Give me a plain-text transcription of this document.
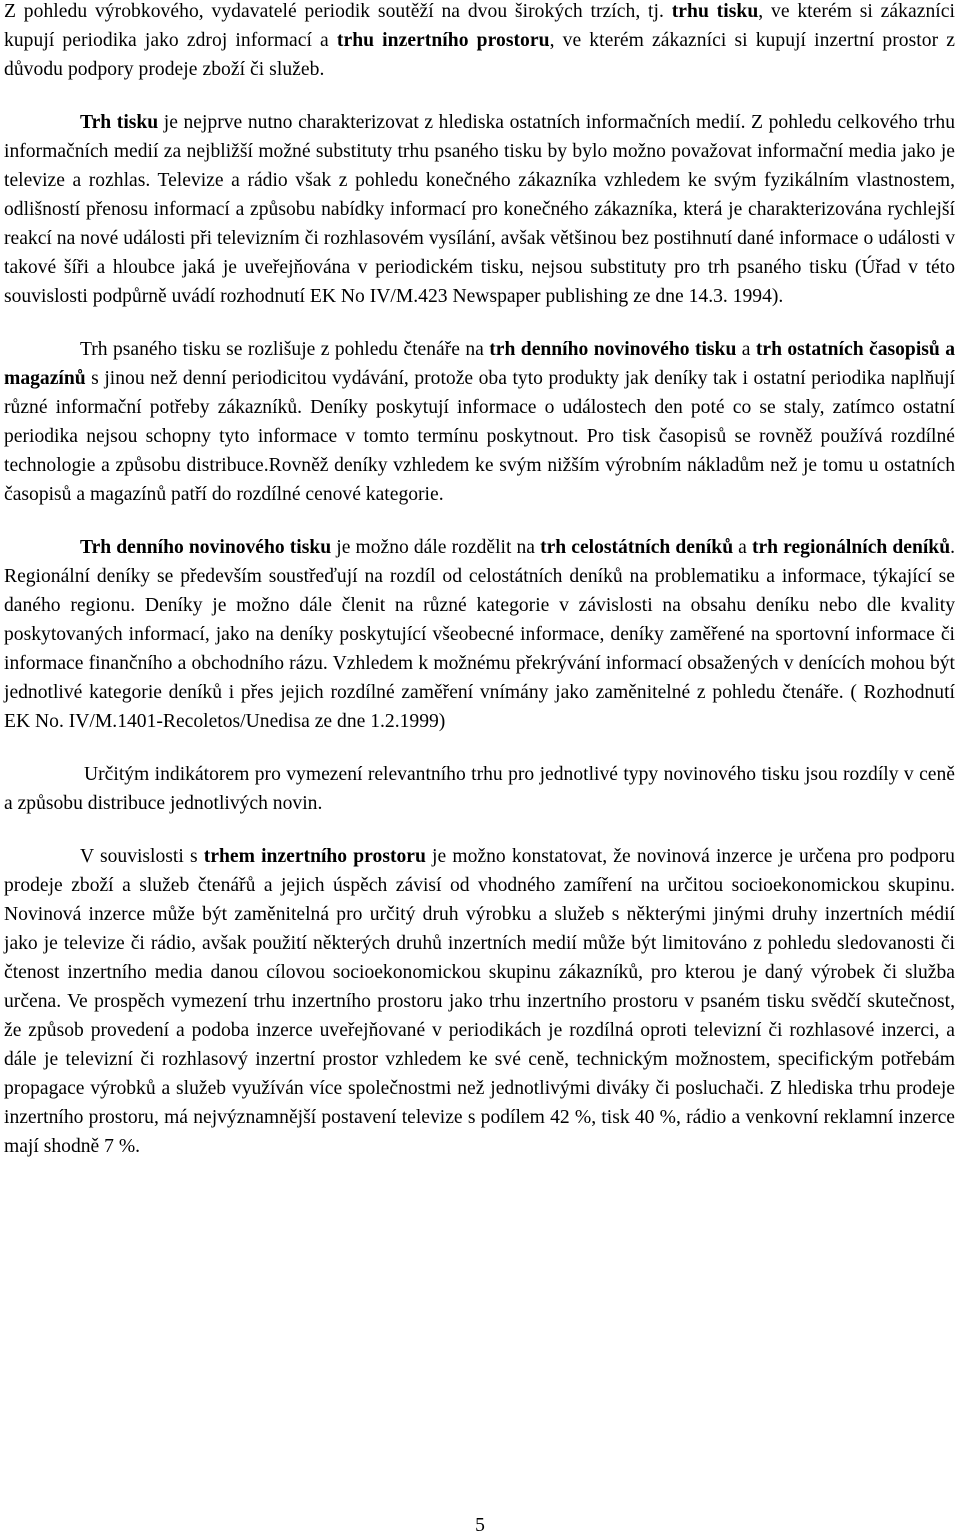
Z pohledu výrobkového, vydavatelé periodik soutěží na dvou širokých trzích, tj. trhu tisku, ve kterém si zákazníci kupují periodika jako zdroj informací a trhu inzertního prostoru, ve kterém zákazníci si kupují inzertní prostor z důvodu podpory prodeje zboží či služeb.

Trh tisku je nejprve nutno charakterizovat z hlediska ostatních informačních medií. Z pohledu celkového trhu informačních medií za nejbližší možné substituty trhu psaného tisku by bylo možno považovat informační media jako je televize a rozhlas. Televize a rádio však z pohledu konečného zákazníka vzhledem ke svým fyzikálním vlastnostem, odlišností přenosu informací a způsobu nabídky informací pro konečného zákazníka, která je charakterizována rychlejší reakcí na nové události při televizním či rozhlasovém vysílání, avšak většinou bez postihnutí dané informace o události v takové šíři a hloubce jaká je uveřejňována v periodickém tisku, nejsou substituty pro trh psaného tisku (Úřad v této souvislosti podpůrně uvádí rozhodnutí EK No IV/M.423 Newspaper publishing ze dne 14.3. 1994).

Trh psaného tisku se rozlišuje z pohledu čtenáře na trh denního novinového tisku a trh ostatních časopisů a magazínů s jinou než denní periodicitou vydávání, protože oba tyto produkty jak deníky tak i ostatní periodika naplňují různé informační potřeby zákazníků. Deníky poskytují informace o událostech den poté co se staly, zatímco ostatní periodika nejsou schopny tyto informace v tomto termínu poskytnout. Pro tisk časopisů se rovněž používá rozdílné technologie a způsobu distribuce.Rovněž deníky vzhledem ke svým nižším výrobním nákladům než je tomu u ostatních časopisů a magazínů patří do rozdílné cenové kategorie.

Trh denního novinového tisku je možno dále rozdělit na trh celostátních deníků a trh regionálních deníků. Regionální deníky se především soustřeďují na rozdíl od celostátních deníků na problematiku a informace, týkající se daného regionu. Deníky je možno dále členit na různé kategorie v závislosti na obsahu deníku nebo dle kvality poskytovaných informací, jako na deníky poskytující všeobecné informace, deníky zaměřené na sportovní informace či informace finančního a obchodního rázu. Vzhledem k možnému překrývání informací obsažených v denících mohou být jednotlivé kategorie deníků i přes jejich rozdílné zaměření vnímány jako zaměnitelné z pohledu čtenáře. ( Rozhodnutí EK No. IV/M.1401-Recoletos/Unedisa ze dne 1.2.1999)

Určitým indikátorem pro vymezení relevantního trhu pro jednotlivé typy novinového tisku jsou rozdíly v ceně a způsobu distribuce jednotlivých novin.

V souvislosti s trhem inzertního prostoru je možno konstatovat, že novinová inzerce je určena pro podporu prodeje zboží a služeb čtenářů a jejich úspěch závisí od vhodného zamíření na určitou socioekonomickou skupinu. Novinová inzerce může být zaměnitelná pro určitý druh výrobku a služeb s některými jinými druhy inzertních médií jako je televize či rádio, avšak použití některých druhů inzertních medií může být limitováno z pohledu sledovanosti či čtenost inzertního media danou cílovou socioekonomickou skupinu zákazníků, pro kterou je daný výrobek či služba určena. Ve prospěch vymezení trhu inzertního prostoru jako trhu inzertního prostoru v psaném tisku svědčí skutečnost, že způsob provedení a podoba inzerce uveřejňované v periodikách je rozdílná oproti televizní či rozhlasové inzerci, a dále je televizní či rozhlasový inzertní prostor vzhledem ke své ceně, technickým možnostem, specifickým potřebám propagace výrobků a služeb využíván více společnostmi než jednotlivými diváky či posluchači. Z hlediska trhu prodeje inzertního prostoru, má nejvýznamnější postavení televize s podílem 42 %, tisk 40 %, rádio a venkovní reklamní inzerce mají shodně 7 %.

5
